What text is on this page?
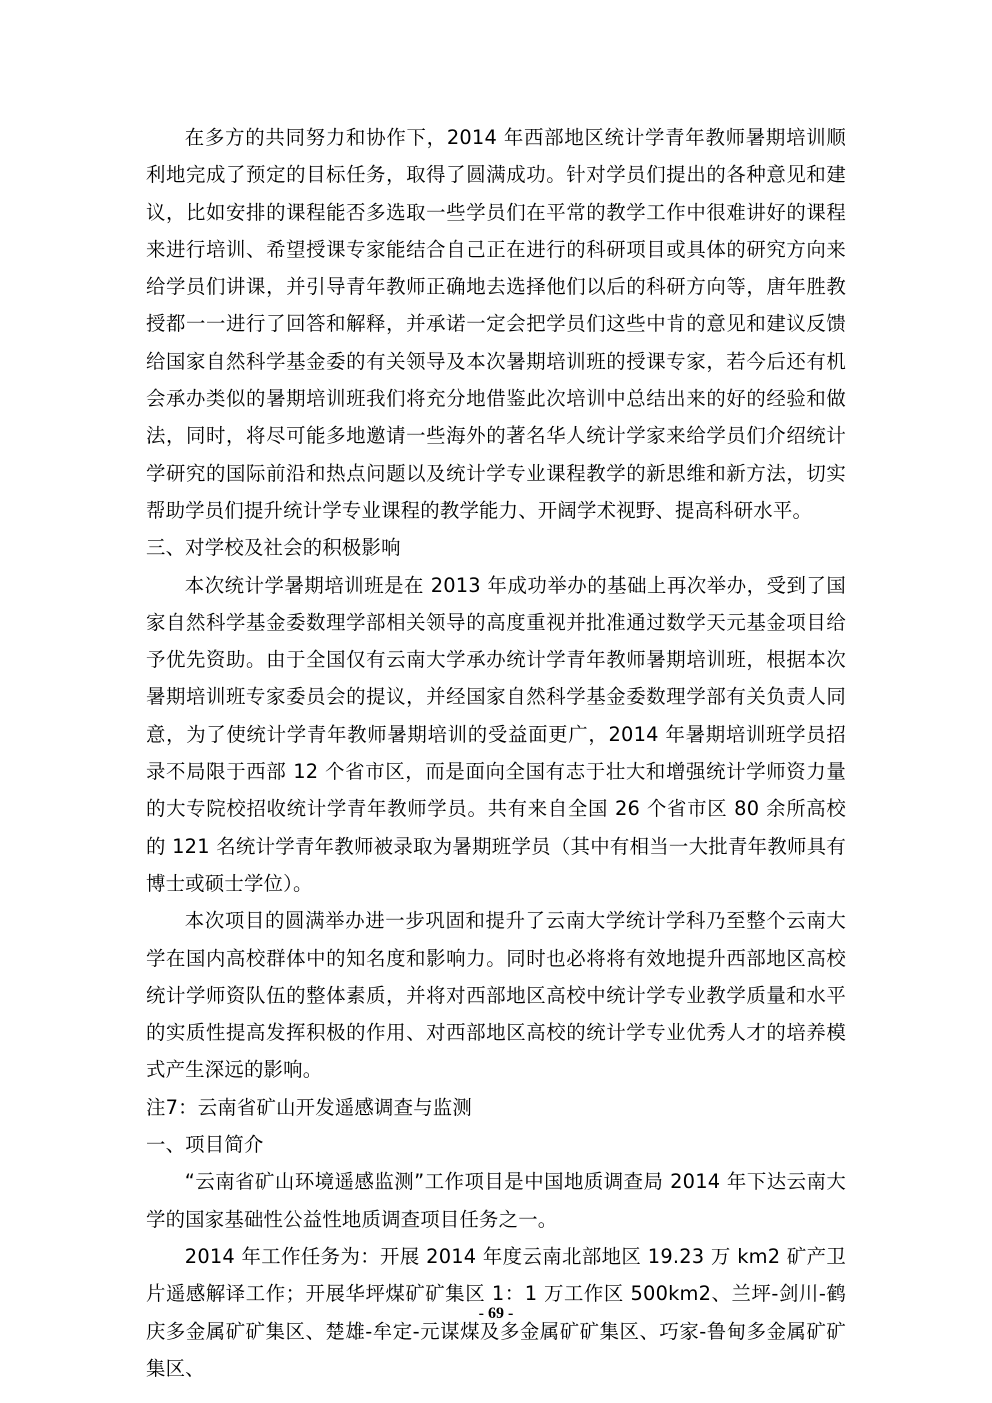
在多方的共同努力和协作下，2014 年西部地区统计学青年教师暑期培训顺利地完成了预定的目标任务，取得了圆满成功。针对学员们提出的各种意见和建议，比如安排的课程能否多选取一些学员们在平常的教学工作中很难讲好的课程来进行培训、希望授课专家能结合自己正在进行的科研项目或具体的研究方向来给学员们讲课，并引导青年教师正确地去选择他们以后的科研方向等，唐年胜教授都一一进行了回答和解释，并承诺一定会把学员们这些中肯的意见和建议反馈给国家自然科学基金委的有关领导及本次暑期培训班的授课专家，若今后还有机会承办类似的暑期培训班我们将充分地借鉴此次培训中总结出来的好的经验和做法，同时，将尽可能多地邀请一些海外的著名华人统计学家来给学员们介绍统计学研究的国际前沿和热点问题以及统计学专业课程教学的新思维和新方法，切实帮助学员们提升统计学专业课程的教学能力、开阔学术视野、提高科研水平。

三、对学校及社会的积极影响

本次统计学暑期培训班是在 2013 年成功举办的基础上再次举办，受到了国家自然科学基金委数理学部相关领导的高度重视并批准通过数学天元基金项目给予优先资助。由于全国仅有云南大学承办统计学青年教师暑期培训班，根据本次暑期培训班专家委员会的提议，并经国家自然科学基金委数理学部有关负责人同意，为了使统计学青年教师暑期培训的受益面更广，2014 年暑期培训班学员招录不局限于西部 12 个省市区，而是面向全国有志于壮大和增强统计学师资力量的大专院校招收统计学青年教师学员。共有来自全国 26 个省市区 80 余所高校的 121 名统计学青年教师被录取为暑期班学员（其中有相当一大批青年教师具有博士或硕士学位）。

本次项目的圆满举办进一步巩固和提升了云南大学统计学科乃至整个云南大学在国内高校群体中的知名度和影响力。同时也必将将有效地提升西部地区高校统计学师资队伍的整体素质，并将对西部地区高校中统计学专业教学质量和水平的实质性提高发挥积极的作用、对西部地区高校的统计学专业优秀人才的培养模式产生深远的影响。

注7：云南省矿山开发遥感调查与监测

一、项目简介

“云南省矿山环境遥感监测”工作项目是中国地质调查局 2014 年下达云南大学的国家基础性公益性地质调查项目任务之一。

2014 年工作任务为：开展 2014 年度云南北部地区 19.23 万 km2 矿产卫片遥感解译工作；开展华坪煤矿矿集区 1：1 万工作区 500km2、兰坪-剑川-鹤庆多金属矿矿集区、楚雄-牟定-元谋煤及多金属矿矿集区、巧家-鲁甸多金属矿矿集区、

- 69 -
